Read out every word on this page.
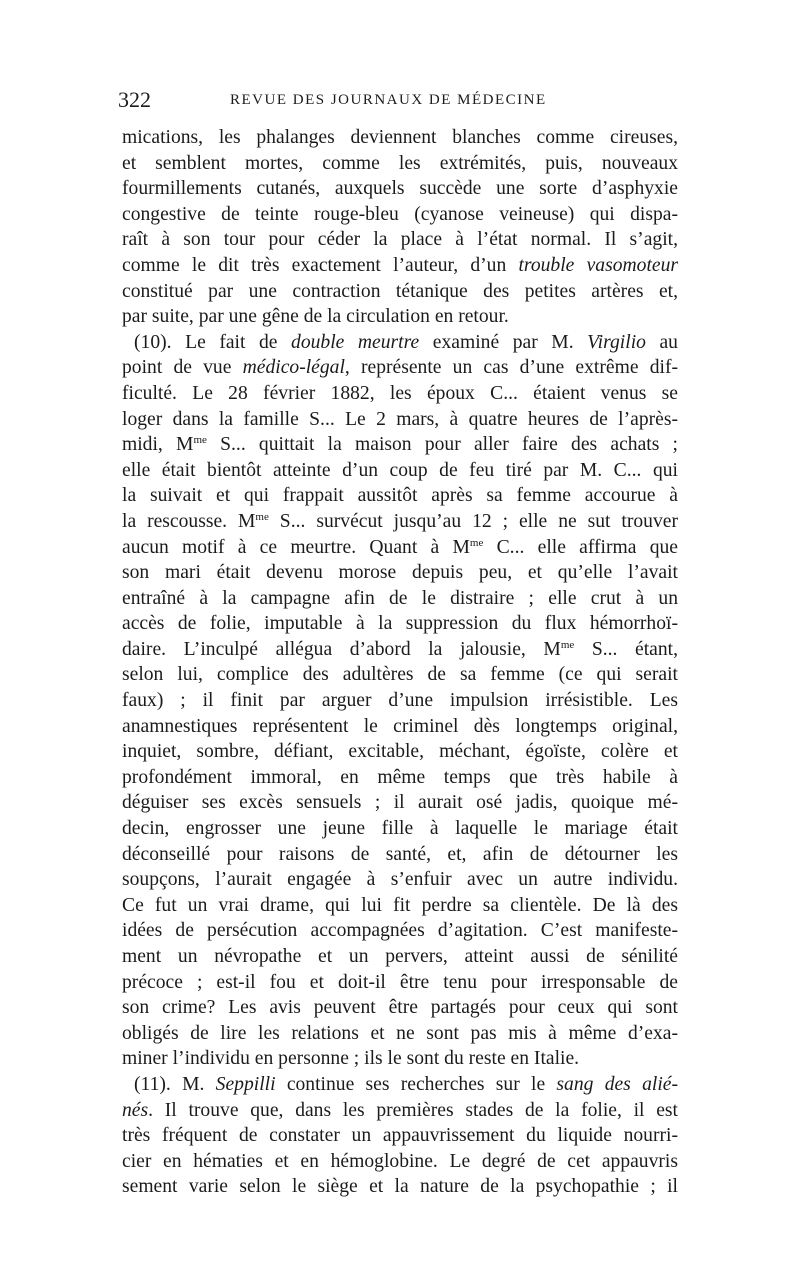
322	REVUE DES JOURNAUX DE MÉDECINE
mications, les phalanges deviennent blanches comme cireuses,
et semblent mortes, comme les extrémités, puis, nouveaux
fourmillements cutanés, auxquels succède une sorte d’asphyxie
congestive de teinte rouge-bleu (cyanose veineuse) qui dispa-
raît à son tour pour céder la place à l’état normal. Il s’agit,
comme le dit très exactement l’auteur, d’un trouble vasomoteur
constitué par une contraction tétanique des petites artères et,
par suite, par une gêne de la circulation en retour.
(10). Le fait de double meurtre examiné par M. Virgilio au
point de vue médico-légal, représente un cas d’une extrême dif-
ficulté. Le 28 février 1882, les époux C... étaient venus se
loger dans la famille S... Le 2 mars, à quatre heures de l’après-
midi, $M^{me}$ S... quittait la maison pour aller faire des achats ;
elle était bientôt atteinte d’un coup de feu tiré par M. C... qui
la suivait et qui frappait aussitôt après sa femme accourue à
la rescousse. $M^{me}$ S... survécut jusqu’au 12 ; elle ne sut trouver
aucun motif à ce meurtre. Quant à $M^{me}$ C... elle affirma que
son mari était devenu morose depuis peu, et qu’elle l’avait
entraîné à la campagne afin de le distraire ; elle crut à un
accès de folie, imputable à la suppression du flux hémorrhoï-
daire. L’inculpé allégua d’abord la jalousie, $M^{me}$ S... étant,
selon lui, complice des adultères de sa femme (ce qui serait
faux) ; il finit par arguer d’une impulsion irrésistible. Les
anamnestiques représentent le criminel dès longtemps original,
inquiet, sombre, défiant, excitable, méchant, égoïste, colère et
profondément immoral, en même temps que très habile à
déguiser ses excès sensuels ; il aurait osé jadis, quoique mé-
decin, engrosser une jeune fille à laquelle le mariage était
déconseillé pour raisons de santé, et, afin de détourner les
soupçons, l’aurait engagée à s’enfuir avec un autre individu.
Ce fut un vrai drame, qui lui fit perdre sa clientèle. De là des
idées de persécution accompagnées d’agitation. C’est manifeste-
ment un névropathe et un pervers, atteint aussi de sénilité
précoce ; est-il fou et doit-il être tenu pour irresponsable de
son crime? Les avis peuvent être partagés pour ceux qui sont
obligés de lire les relations et ne sont pas mis à même d’exa-
miner l’individu en personne ; ils le sont du reste en Italie.
(11). M. Seppilli continue ses recherches sur le sang des alié-
nés. Il trouve que, dans les premières stades de la folie, il est
très fréquent de constater un appauvrissement du liquide nourri-
cier en hématies et en hémoglobine. Le degré de cet appauvris
sement varie selon le siège et la nature de la psychopathie ; il
